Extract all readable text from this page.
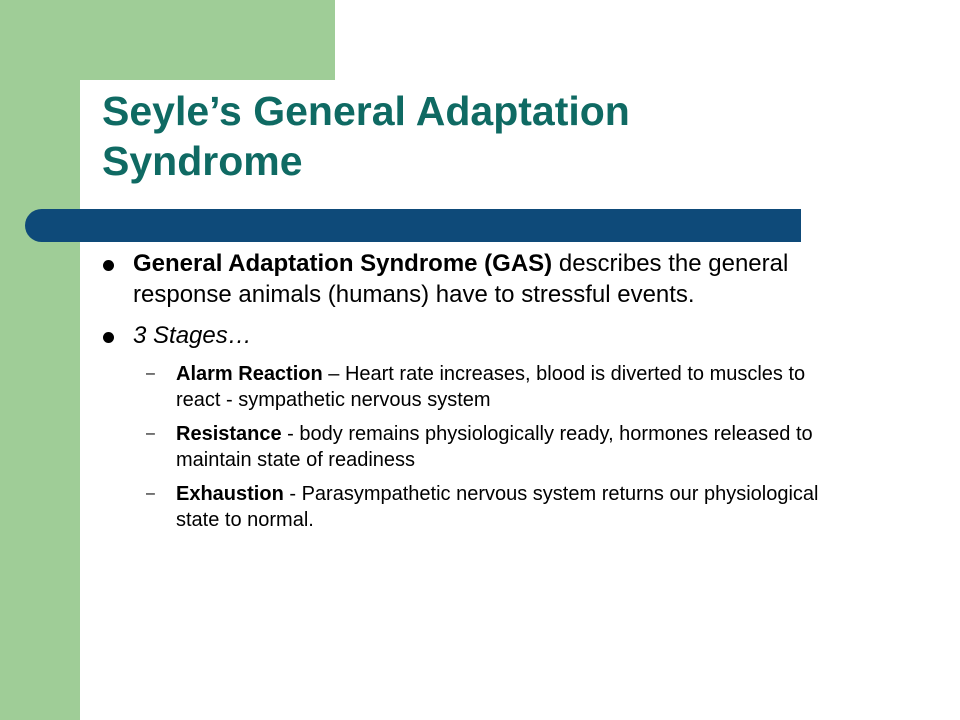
Seyle’s General Adaptation Syndrome
General Adaptation Syndrome (GAS) describes the general response animals (humans) have to stressful events.
3 Stages…
– Alarm Reaction – Heart rate increases, blood is diverted to muscles to react - sympathetic nervous system
– Resistance - body remains physiologically ready, hormones released to maintain state of readiness
– Exhaustion - Parasympathetic nervous system returns our physiological state to normal.
